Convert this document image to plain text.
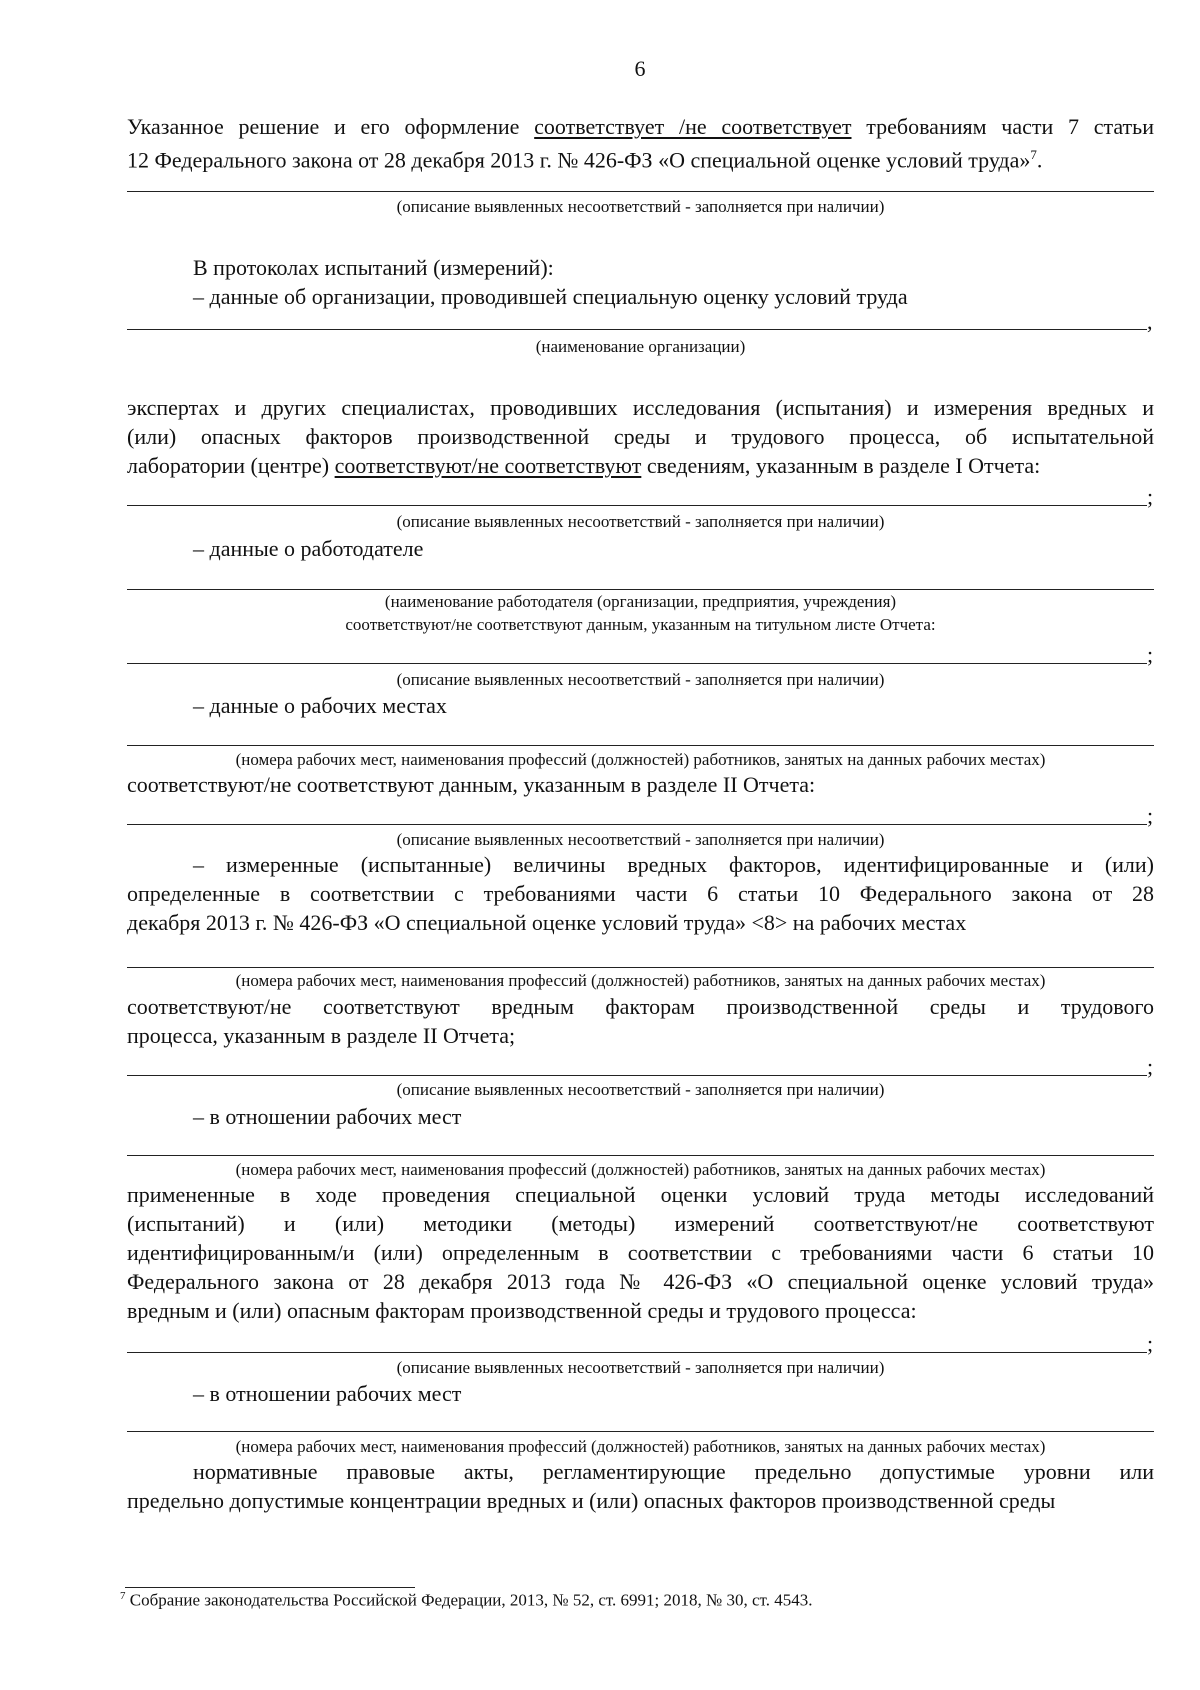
6
Указанное решение и его оформление соответствует /не соответствует требованиям части 7 статьи
12 Федерального закона от 28 декабря 2013 г. № 426-ФЗ «О специальной оценке условий труда»$^7$.
(описание выявленных несоответствий - заполняется при наличии)
В протоколах испытаний (измерений):
– данные об организации, проводившей специальную оценку условий труда
,
(наименование организации)
экспертах и других специалистах, проводивших исследования (испытания) и измерения вредных и
(или) опасных факторов производственной среды и трудового процесса, об испытательной
лаборатории (центре) соответствуют/не соответствуют сведениям, указанным в разделе I Отчета:
;
(описание выявленных несоответствий - заполняется при наличии)
– данные о работодателе
(наименование работодателя (организации, предприятия, учреждения)
соответствуют/не соответствуют данным, указанным на титульном листе Отчета:
;
(описание выявленных несоответствий - заполняется при наличии)
– данные о рабочих местах
(номера рабочих мест, наименования профессий (должностей) работников, занятых на данных рабочих местах)
соответствуют/не соответствуют данным, указанным в разделе II Отчета:
;
(описание выявленных несоответствий - заполняется при наличии)
– измеренные (испытанные) величины вредных факторов, идентифицированные и (или)
определенные в соответствии с требованиями части 6 статьи 10 Федерального закона от 28
декабря 2013 г. № 426-ФЗ «О специальной оценке условий труда» <8> на рабочих местах
(номера рабочих мест, наименования профессий (должностей) работников, занятых на данных рабочих местах)
соответствуют/не соответствуют вредным факторам производственной среды и трудового
процесса, указанным в разделе II Отчета;
;
(описание выявленных несоответствий - заполняется при наличии)
– в отношении рабочих мест
(номера рабочих мест, наименования профессий (должностей) работников, занятых на данных рабочих местах)
примененные в ходе проведения специальной оценки условий труда методы исследований
(испытаний) и (или) методики (методы) измерений соответствуют/не соответствуют
идентифицированным/и (или) определенным в соответствии с требованиями части 6 статьи 10
Федерального закона от 28 декабря 2013 года № 426-ФЗ «О специальной оценке условий труда»
вредным и (или) опасным факторам производственной среды и трудового процесса:
;
(описание выявленных несоответствий - заполняется при наличии)
– в отношении рабочих мест
(номера рабочих мест, наименования профессий (должностей) работников, занятых на данных рабочих местах)
нормативные правовые акты, регламентирующие предельно допустимые уровни или
предельно допустимые концентрации вредных и (или) опасных факторов производственной среды
$^7$ Собрание законодательства Российской Федерации, 2013, № 52, ст. 6991; 2018, № 30, ст. 4543.
